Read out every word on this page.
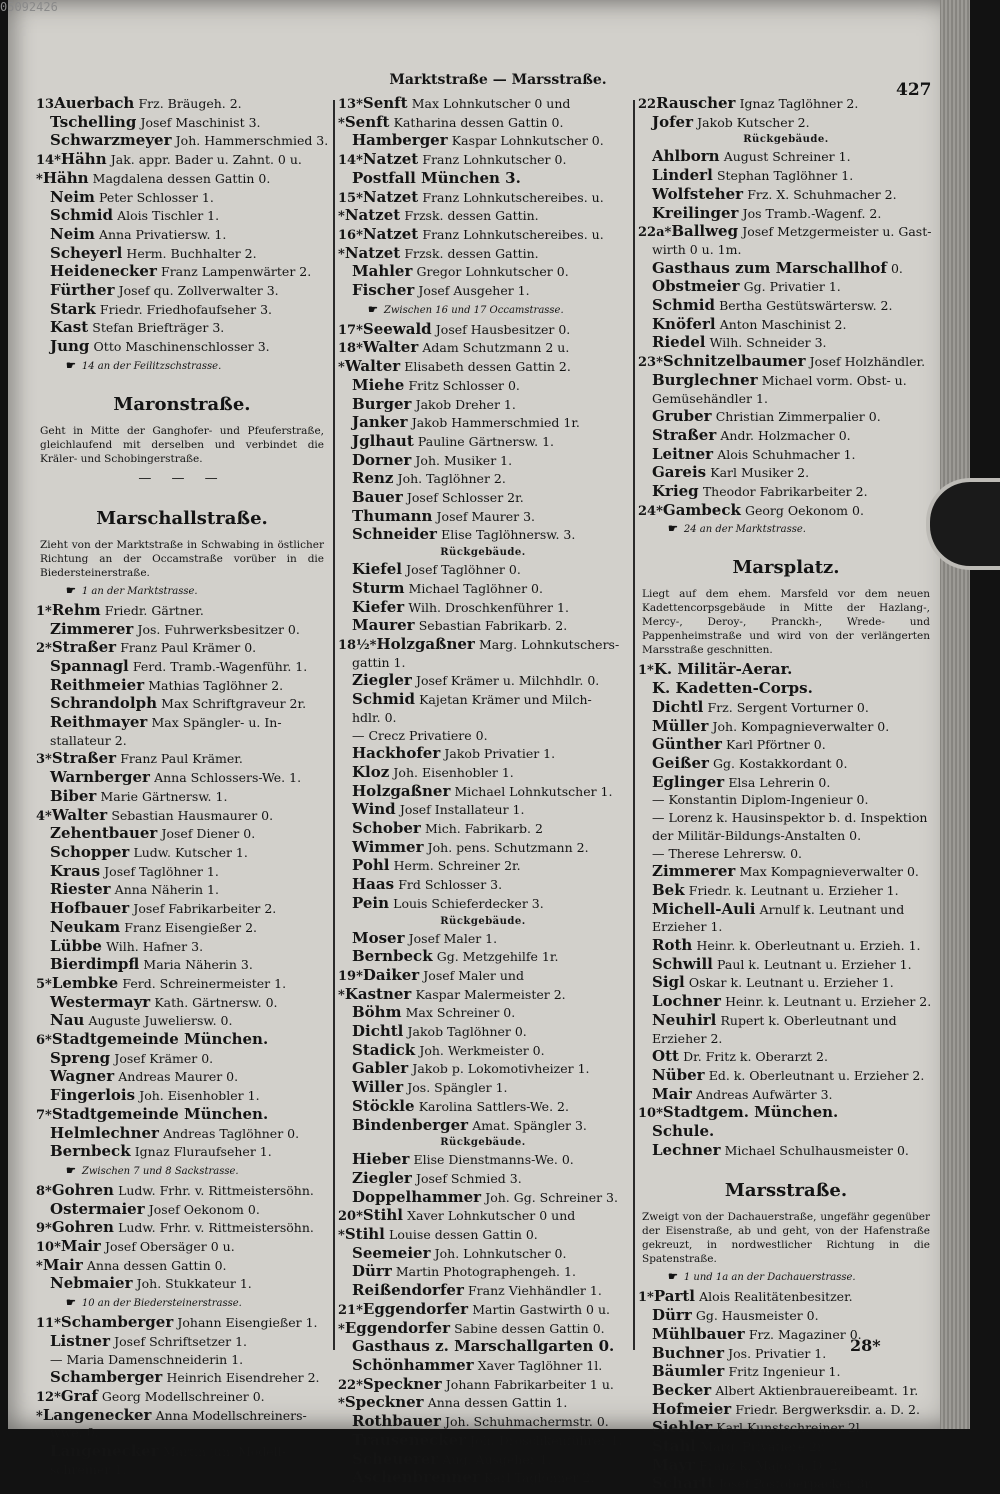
Marktstraße — Marsstraße.	427
28*
13Auerbach Frz. Bräugeh. 2.
Tschelling Josef Maschinist 3.
Schwarzmeyer Joh. Hammerschmied 3.
14*Hähn Jak. appr. Bader u. Zahnt. 0 u.
*Hähn Magdalena dessen Gattin 0.
Neim Peter Schlosser 1.
Schmid Alois Tischler 1.
Neim Anna Privatiersw. 1.
Scheyerl Herm. Buchhalter 2.
Heidenecker Franz Lampenwärter 2.
Fürther Josef qu. Zollverwalter 3.
Stark Friedr. Friedhofaufseher 3.
Kast Stefan Briefträger 3.
Jung Otto Maschinenschlosser 3.
☛ 14 an der Feilitzschstrasse.
Maronstraße.
Geht in Mitte der Ganghofer- und Pfeuferstraße, gleichlaufend mit derselben und verbindet die Kräler- und Schobingerstraße.
— — —
Marschallstraße.
Zieht von der Marktstraße in Schwabing in östlicher Richtung an der Occamstraße vorüber in die Biedersteinerstraße.
☛ 1 an der Marktstrasse.
1*Rehm Friedr. Gärtner.
Zimmerer Jos. Fuhrwerksbesitzer 0.
2*Straßer Franz Paul Krämer 0.
Spannagl Ferd. Tramb.-Wagenführ. 1.
Reithmeier Mathias Taglöhner 2.
Schrandolph Max Schriftgraveur 2r.
Reithmayer Max Spängler- u. In-
stallateur 2.
3*Straßer Franz Paul Krämer.
Warnberger Anna Schlossers-We. 1.
Biber Marie Gärtnersw. 1.
4*Walter Sebastian Hausmaurer 0.
Zehentbauer Josef Diener 0.
Schopper Ludw. Kutscher 1.
Kraus Josef Taglöhner 1.
Riester Anna Näherin 1.
Hofbauer Josef Fabrikarbeiter 2.
Neukam Franz Eisengießer 2.
Lübbe Wilh. Hafner 3.
Bierdimpfl Maria Näherin 3.
5*Lembke Ferd. Schreinermeister 1.
Westermayr Kath. Gärtnersw. 0.
Nau Auguste Juweliersw. 0.
6*Stadtgemeinde München.
Spreng Josef Krämer 0.
Wagner Andreas Maurer 0.
Fingerlois Joh. Eisenhobler 1.
7*Stadtgemeinde München.
Helmlechner Andreas Taglöhner 0.
Bernbeck Ignaz Fluraufseher 1.
☛ Zwischen 7 und 8 Sackstrasse.
8*Gohren Ludw. Frhr. v. Rittmeistersöhn.
Ostermaier Josef Oekonom 0.
9*Gohren Ludw. Frhr. v. Rittmeistersöhn.
10*Mair Josef Obersäger 0 u.
*Mair Anna dessen Gattin 0.
Nebmaier Joh. Stukkateur 1.
☛ 10 an der Biedersteinerstrasse.
11*Schamberger Johann Eisengießer 1.
Listner Josef Schriftsetzer 1.
— Maria Damenschneiderin 1.
Schamberger Heinrich Eisendreher 2.
12*Graf Georg Modellschreiner 0.
*Langenecker Anna Modellschreiners-
wwe. 0.
Langenecker Martin jun. Modell-
schreiner 1.
13*Senft Max Lohnkutscher 0 und
*Senft Katharina dessen Gattin 0.
Hamberger Kaspar Lohnkutscher 0.
14*Natzet Franz Lohnkutscher 0.
Postfall München 3.
15*Natzet Franz Lohnkutschereibes. u.
*Natzet Frzsk. dessen Gattin.
16*Natzet Franz Lohnkutschereibes. u.
*Natzet Frzsk. dessen Gattin.
Mahler Gregor Lohnkutscher 0.
Fischer Josef Ausgeher 1.
☛ Zwischen 16 und 17 Occamstrasse.
17*Seewald Josef Hausbesitzer 0.
18*Walter Adam Schutzmann 2 u.
*Walter Elisabeth dessen Gattin 2.
Miehe Fritz Schlosser 0.
Burger Jakob Dreher 1.
Janker Jakob Hammerschmied 1r.
Jglhaut Pauline Gärtnersw. 1.
Dorner Joh. Musiker 1.
Renz Joh. Taglöhner 2.
Bauer Josef Schlosser 2r.
Thumann Josef Maurer 3.
Schneider Elise Taglöhnersw. 3.
Rückgebäude.
Kiefel Josef Taglöhner 0.
Sturm Michael Taglöhner 0.
Kiefer Wilh. Droschkenführer 1.
Maurer Sebastian Fabrikarb. 2.
18½*Holzgaßner Marg. Lohnkutschers-
gattin 1.
Ziegler Josef Krämer u. Milchhdlr. 0.
Schmid Kajetan Krämer und Milch-
hdlr. 0.
— Crecz Privatiere 0.
Hackhofer Jakob Privatier 1.
Kloz Joh. Eisenhobler 1.
Holzgaßner Michael Lohnkutscher 1.
Wind Josef Installateur 1.
Schober Mich. Fabrikarb. 2
Wimmer Joh. pens. Schutzmann 2.
Pohl Herm. Schreiner 2r.
Haas Frd Schlosser 3.
Pein Louis Schieferdecker 3.
Rückgebäude.
Moser Josef Maler 1.
Bernbeck Gg. Metzgehilfe 1r.
19*Daiker Josef Maler und
*Kastner Kaspar Malermeister 2.
Böhm Max Schreiner 0.
Dichtl Jakob Taglöhner 0.
Stadick Joh. Werkmeister 0.
Gabler Jakob p. Lokomotivheizer 1.
Willer Jos. Spängler 1.
Stöckle Karolina Sattlers-We. 2.
Bindenberger Amat. Spängler 3.
Rückgebäude.
Hieber Elise Dienstmanns-We. 0.
Ziegler Josef Schmied 3.
Doppelhammer Joh. Gg. Schreiner 3.
20*Stihl Xaver Lohnkutscher 0 und
*Stihl Louise dessen Gattin 0.
Seemeier Joh. Lohnkutscher 0.
Dürr Martin Photographengeh. 1.
Reißendorfer Franz Viehhändler 1.
21*Eggendorfer Martin Gastwirth 0 u.
*Eggendorfer Sabine dessen Gattin 0.
Gasthaus z. Marschallgarten 0.
Schönhammer Xaver Taglöhner 1l.
22*Speckner Johann Fabrikarbeiter 1 u.
*Speckner Anna dessen Gattin 1.
Rothbauer Joh. Schuhmachermstr. 0.
Trausenecker Joh. Droschkenführer 1.
Scheuerer Aug. Ausgeher 1.
Aschenbrenner Karl Taglöhner 2.
22Rauscher Ignaz Taglöhner 2.
Jofer Jakob Kutscher 2.
Rückgebäude.
Ahlborn August Schreiner 1.
Linderl Stephan Taglöhner 1.
Wolfsteher Frz. X. Schuhmacher 2.
Kreilinger Jos Tramb.-Wagenf. 2.
22a*Ballweg Josef Metzgermeister u. Gast-
wirth 0 u. 1m.
Gasthaus zum Marschallhof 0.
Obstmeier Gg. Privatier 1.
Schmid Bertha Gestütswärtersw. 2.
Knöferl Anton Maschinist 2.
Riedel Wilh. Schneider 3.
23*Schnitzelbaumer Josef Holzhändler.
Burglechner Michael vorm. Obst- u.
Gemüsehändler 1.
Gruber Christian Zimmerpalier 0.
Straßer Andr. Holzmacher 0.
Leitner Alois Schuhmacher 1.
Gareis Karl Musiker 2.
Krieg Theodor Fabrikarbeiter 2.
24*Gambeck Georg Oekonom 0.
☛ 24 an der Marktstrasse.
Marsplatz.
Liegt auf dem ehem. Marsfeld vor dem neuen Kadettencorpsgebäude in Mitte der Hazlang-, Mercy-, Deroy-, Pranckh-, Wrede- und Pappenheimstraße und wird von der verlängerten Marsstraße geschnitten.
1*K. Militär-Aerar.
K. Kadetten-Corps.
Dichtl Frz. Sergent Vorturner 0.
Müller Joh. Kompagnieverwalter 0.
Günther Karl Pförtner 0.
Geißer Gg. Kostakkordant 0.
Eglinger Elsa Lehrerin 0.
— Konstantin Diplom-Ingenieur 0.
— Lorenz k. Hausinspektor b. d. Inspektion
der Militär-Bildungs-Anstalten 0.
— Therese Lehrersw. 0.
Zimmerer Max Kompagnieverwalter 0.
Bek Friedr. k. Leutnant u. Erzieher 1.
Michell-Auli Arnulf k. Leutnant und
Erzieher 1.
Roth Heinr. k. Oberleutnant u. Erzieh. 1.
Schwill Paul k. Leutnant u. Erzieher 1.
Sigl Oskar k. Leutnant u. Erzieher 1.
Lochner Heinr. k. Leutnant u. Erzieher 2.
Neuhirl Rupert k. Oberleutnant und
Erzieher 2.
Ott Dr. Fritz k. Oberarzt 2.
Nüber Ed. k. Oberleutnant u. Erzieher 2.
Mair Andreas Aufwärter 3.
10*Stadtgem. München.
Schule.
Lechner Michael Schulhausmeister 0.
Marsstraße.
Zweigt von der Dachauerstraße, ungefähr gegenüber der Eisenstraße, ab und geht, von der Hafenstraße gekreuzt, in nordwestlicher Richtung in die Spatenstraße.
☛ 1 und 1a an der Dachauerstrasse.
1*Partl Alois Realitätenbesitzer.
Dürr Gg. Hausmeister 0.
Mühlbauer Frz. Magaziner 0.
Buchner Jos. Privatier 1.
Bäumler Fritz Ingenieur 1.
Becker Albert Aktienbrauereibeamt. 1r.
Hofmeier Friedr. Bergwerksdir. a. D. 2.
Siehler Karl Kunstschreiner 2l.
Stahl Marg. Privatiere 2r.
Mayr Franz k. Major a. D. 2.
Schartt Josef Postoberpacker 3r.
05092426
